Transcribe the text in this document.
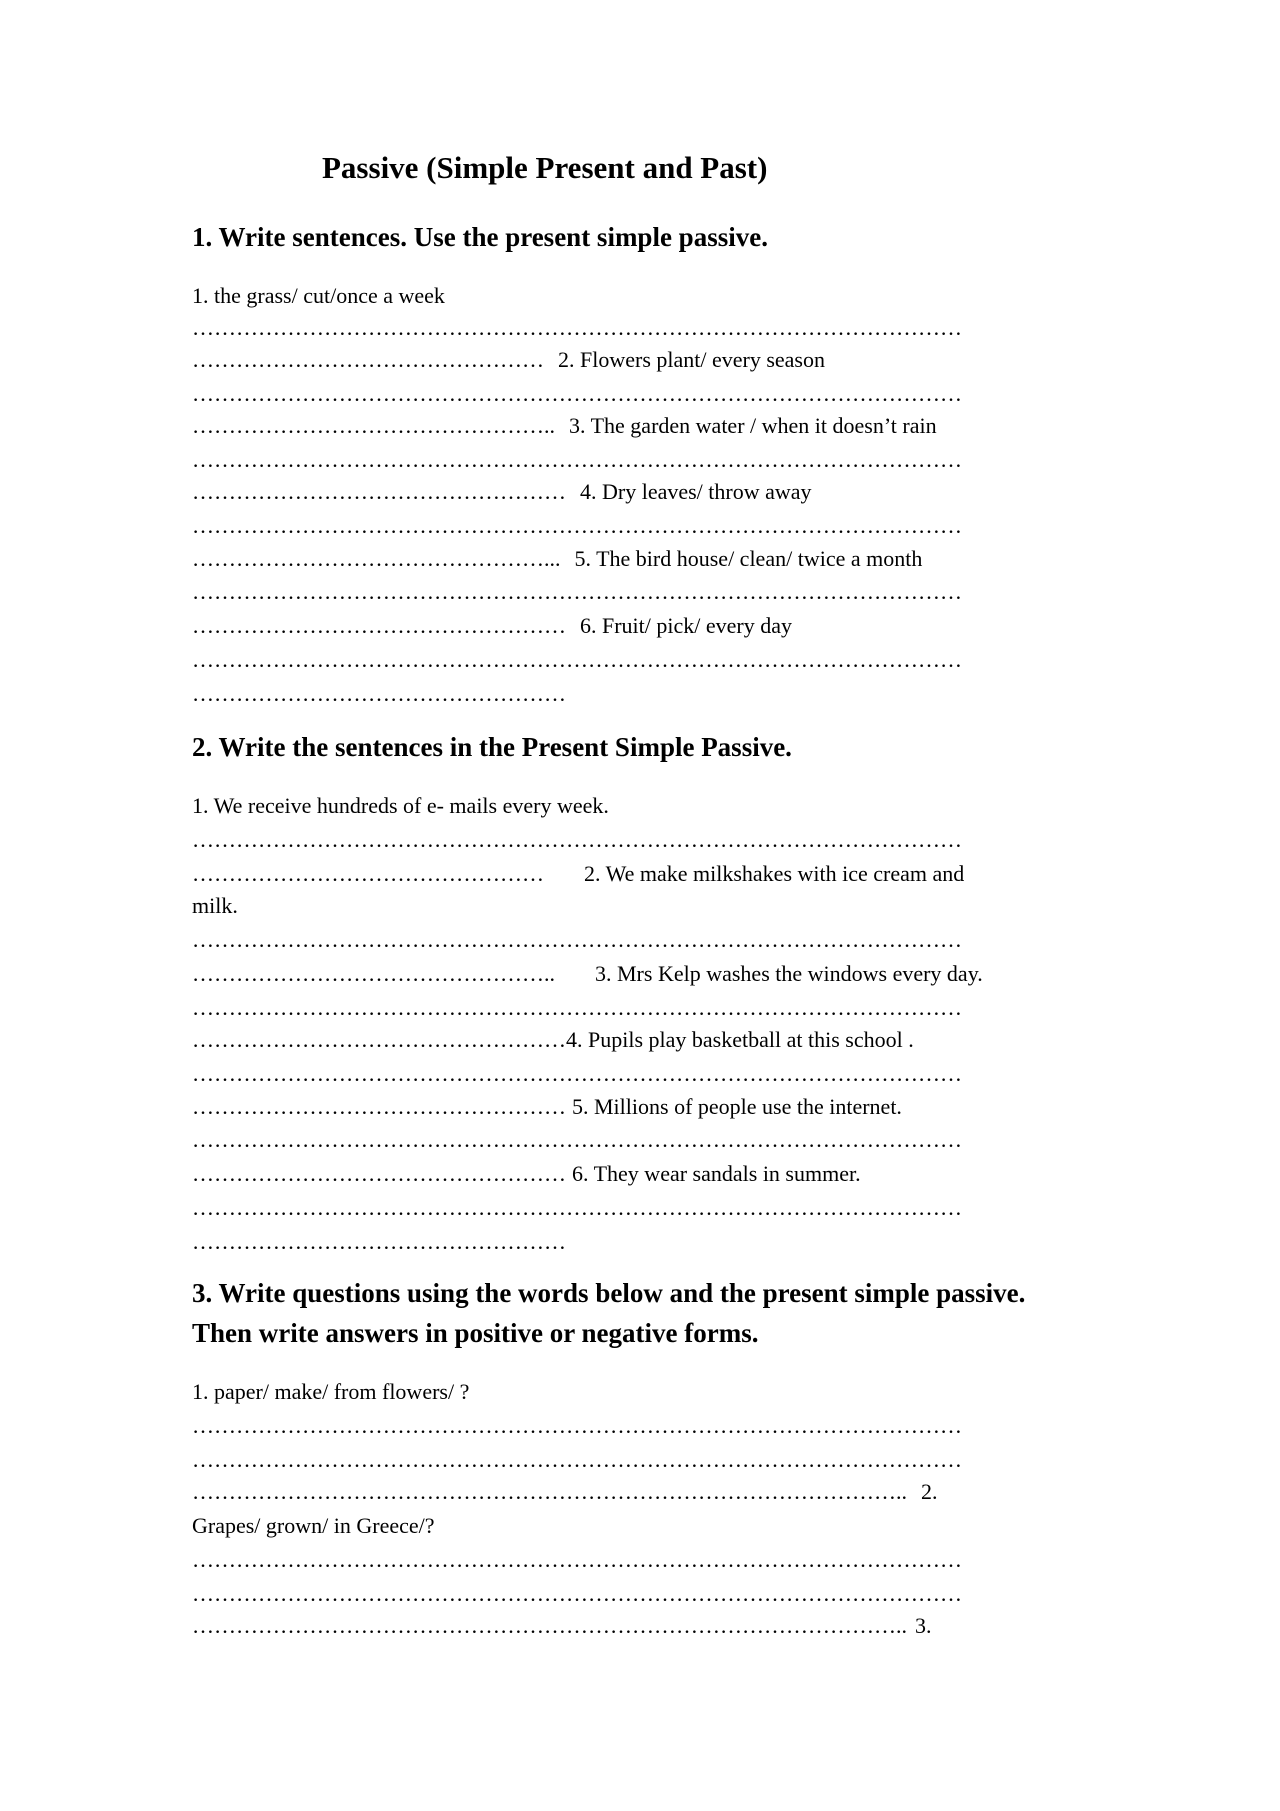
Passive (Simple Present and Past)
1. Write sentences. Use the present simple passive.

1. the grass/ cut/once a week

……………………………………………………………………………………………

………………………………………… 2. Flowers plant/ every season

……………………………………………………………………………………………

………………………………………….. 3. The garden water / when it doesn’t rain

……………………………………………………………………………………………

…………………………………………… 4. Dry leaves/ throw away

……………………………………………………………………………………………

…………………………………………... 5. The bird house/ clean/ twice a month

……………………………………………………………………………………………

…………………………………………… 6. Fruit/ pick/ every day

……………………………………………………………………………………………

……………………………………………

2. Write the sentences in the Present Simple Passive.

1. We receive hundreds of e- mails every week.

……………………………………………………………………………………………

………………………………………… 2. We make milkshakes with ice cream and

milk.

……………………………………………………………………………………………

………………………………………….. 3. Mrs Kelp washes the windows every day.

……………………………………………………………………………………………

……………………………………………4. Pupils play basketball at this school .

……………………………………………………………………………………………

…………………………………………… 5. Millions of people use the internet.

……………………………………………………………………………………………

…………………………………………… 6. They wear sandals in summer.

……………………………………………………………………………………………

……………………………………………

3. Write questions using the words below and the present simple passive.
Then write answers in positive or negative forms.

1. paper/ make/ from flowers/ ?

……………………………………………………………………………………………

……………………………………………………………………………………………

…………………………………………………………………………………….. 2.

Grapes/ grown/ in Greece/?

……………………………………………………………………………………………

……………………………………………………………………………………………

…………………………………………………………………………………….. 3.
